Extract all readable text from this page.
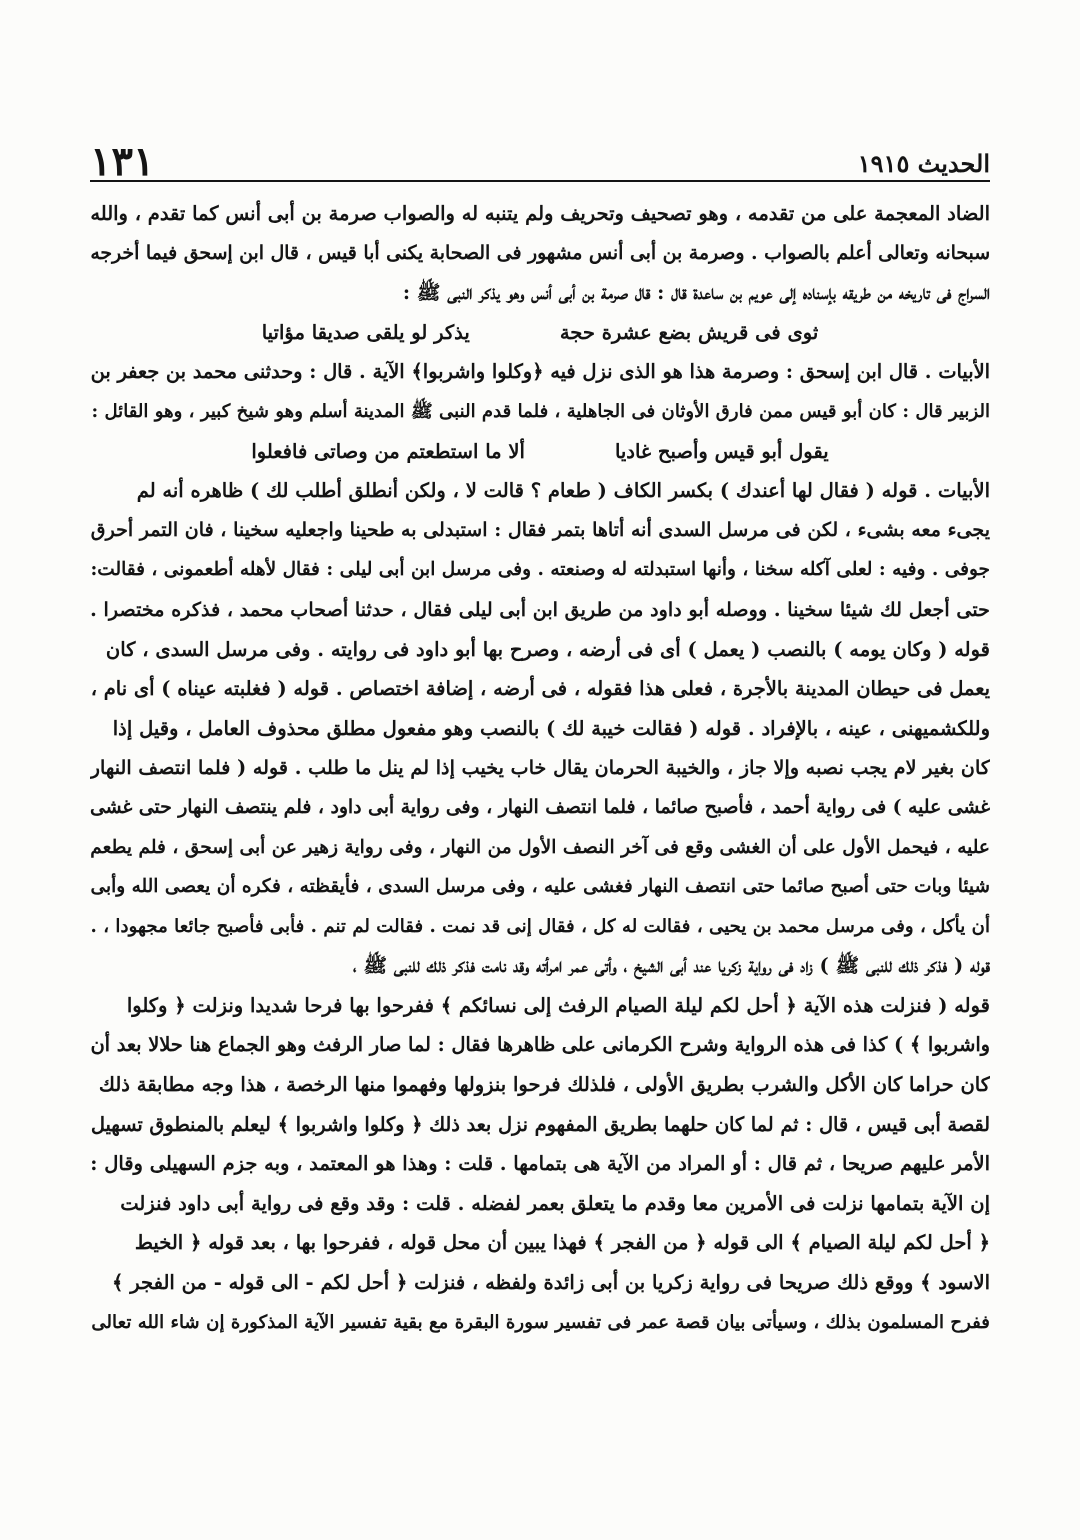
١٣١	الحديث ١٩١٥
الضاد المعجمة على من تقدمه ، وهو تصحيف وتحريف ولم يتنبه له والصواب صرمة بن أبى أنس كما تقدم ، والله
سبحانه وتعالى أعلم بالصواب . وصرمة بن أبى أنس مشهور فى الصحابة يكنى أبا قيس ، قال ابن إسحق فيما أخرجه
السراج فى تاريخه من طريقه بإسناده إلى عويم بن ساعدة قال : قال صرمة بن أبى أنس وهو يذكر النبى ﷺ :
ثوى فى قريش بضع عشرة حجة
يذكر لو يلقى صديقا مؤاتيا
الأبيات . قال ابن إسحق : وصرمة هذا هو الذى نزل فيه ﴿وكلوا واشربوا﴾ الآية . قال : وحدثنى محمد بن جعفر بن
الزبير قال : كان أبو قيس ممن فارق الأوثان فى الجاهلية ، فلما قدم النبى ﷺ المدينة أسلم وهو شيخ كبير ، وهو القائل :
يقول أبو قيس وأصبح غاديا
ألا ما استطعتم من وصاتى فافعلوا
الأبيات . قوله ( فقال لها أعندك ) بكسر الكاف ( طعام ؟ قالت لا ، ولكن أنطلق أطلب لك ) ظاهره أنه لم
يجىء معه بشىء ، لكن فى مرسل السدى أنه أتاها بتمر فقال : استبدلى به طحينا واجعليه سخينا ، فان التمر أحرق
جوفى . وفيه : لعلى آكله سخنا ، وأنها استبدلته له وصنعته . وفى مرسل ابن أبى ليلى : فقال لأهله أطعمونى ، فقالت:
حتى أجعل لك شيئا سخينا . ووصله أبو داود من طريق ابن أبى ليلى فقال ، حدثنا أصحاب محمد ، فذكره مختصرا .
قوله ( وكان يومه ) بالنصب ( يعمل ) أى فى أرضه ، وصرح بها أبو داود فى روايته . وفى مرسل السدى ، كان
يعمل فى حيطان المدينة بالأجرة ، فعلى هذا فقوله ، فى أرضه ، إضافة اختصاص . قوله ( فغلبته عيناه ) أى نام ،
وللكشميهنى ، عينه ، بالإفراد . قوله ( فقالت خيبة لك ) بالنصب وهو مفعول مطلق محذوف العامل ، وقيل إذا
كان بغير لام يجب نصبه وإلا جاز ، والخيبة الحرمان يقال خاب يخيب إذا لم ينل ما طلب . قوله ( فلما انتصف النهار
غشى عليه ) فى رواية أحمد ، فأصبح صائما ، فلما انتصف النهار ، وفى رواية أبى داود ، فلم ينتصف النهار حتى غشى
عليه ، فيحمل الأول على أن الغشى وقع فى آخر النصف الأول من النهار ، وفى رواية زهير عن أبى إسحق ، فلم يطعم
شيئا وبات حتى أصبح صائما حتى انتصف النهار فغشى عليه ، وفى مرسل السدى ، فأيقظته ، فكره أن يعصى الله وأبى
أن يأكل ، وفى مرسل محمد بن يحيى ، فقالت له كل ، فقال إنى قد نمت . فقالت لم تنم . فأبى فأصبح جائعا مجهودا ، .
قوله ( فذكر ذلك للنبى ﷺ ) زاد فى رواية زكريا عند أبى الشيخ ، وأتى عمر امرأته وقد نامت فذكر ذلك للنبى ﷺ ،
قوله ( فنزلت هذه الآية ﴿ أحل لكم ليلة الصيام الرفث إلى نسائكم ﴾ ففرحوا بها فرحا شديدا ونزلت ﴿ وكلوا
واشربوا ﴾ ) كذا فى هذه الرواية وشرح الكرمانى على ظاهرها فقال : لما صار الرفث وهو الجماع هنا حلالا بعد أن
كان حراما كان الأكل والشرب بطريق الأولى ، فلذلك فرحوا بنزولها وفهموا منها الرخصة ، هذا وجه مطابقة ذلك
لقصة أبى قيس ، قال : ثم لما كان حلهما بطريق المفهوم نزل بعد ذلك ﴿ وكلوا واشربوا ﴾ ليعلم بالمنطوق تسهيل
الأمر عليهم صريحا ، ثم قال : أو المراد من الآية هى بتمامها . قلت : وهذا هو المعتمد ، وبه جزم السهيلى وقال :
إن الآية بتمامها نزلت فى الأمرين معا وقدم ما يتعلق بعمر لفضله . قلت : وقد وقع فى رواية أبى داود فنزلت
﴿ أحل لكم ليلة الصيام ﴾ الى قوله ﴿ من الفجر ﴾ فهذا يبين أن محل قوله ، ففرحوا بها ، بعد قوله ﴿ الخيط
الاسود ﴾ ووقع ذلك صريحا فى رواية زكريا بن أبى زائدة ولفظه ، فنزلت ﴿ أحل لكم - الى قوله - من الفجر ﴾
ففرح المسلمون بذلك ، وسيأتى بيان قصة عمر فى تفسير سورة البقرة مع بقية تفسير الآية المذكورة إن شاء الله تعالى
